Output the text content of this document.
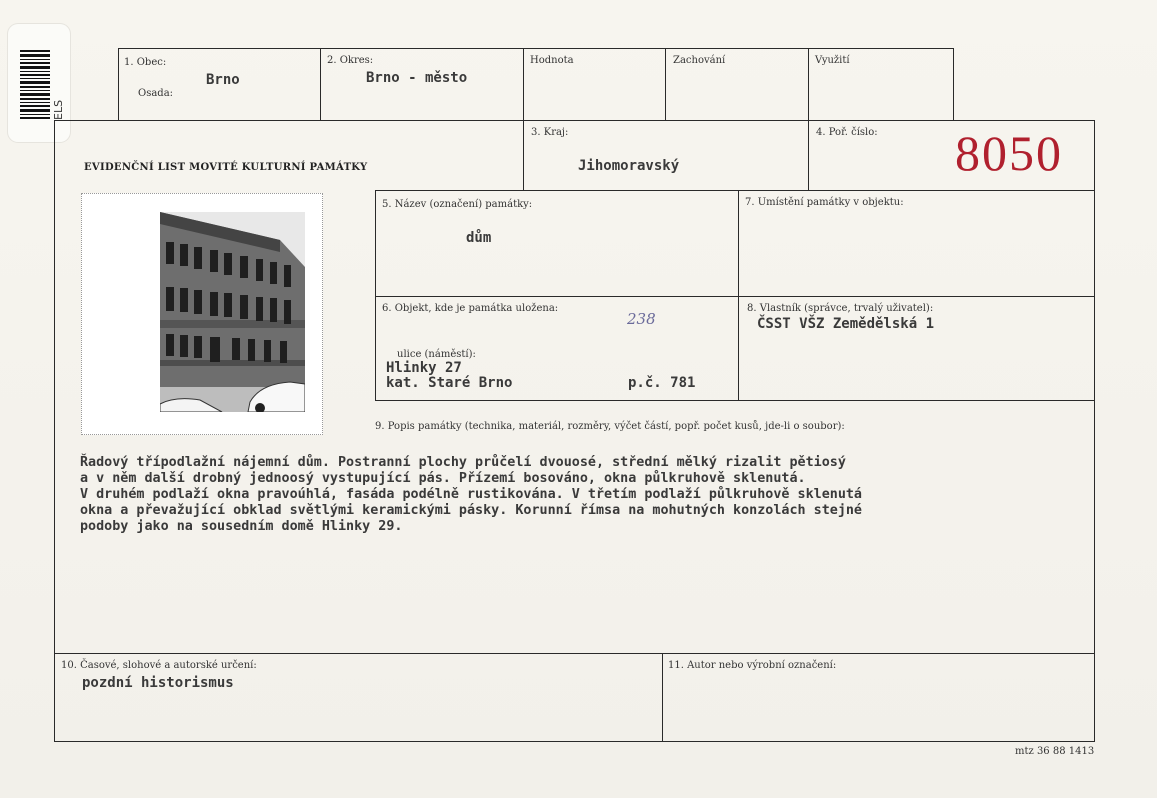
ELS
1. Obec:
Brno
Osada:
2. Okres:
Brno - město
Hodnota	Zachování	Využití
3. Kraj:
Jihomoravský
4. Poř. číslo: 8050
EVIDENČNÍ LIST MOVITÉ KULTURNÍ PAMÁTKY
5. Název (označení) památky:
dům
7. Umístění památky v objektu:
6. Objekt, kde je památka uložena:
238
ulice (náměstí):
Hlinky 27
kat. Staré Brno	p.č. 781
8. Vlastník (správce, trvalý uživatel):
ČSST VŠZ Zemědělská 1
9. Popis památky (technika, materiál, rozměry, výčet částí, popř. počet kusů, jde-li o soubor):
Řadový třípodlažní nájemní dům. Postranní plochy průčelí dvouosé, střední mělký rizalit pětiosý
a v něm další drobný jednoosý vystupující pás. Přízemí bosováno, okna půlkruhově sklenutá.
V druhém podlaží okna pravoúhlá, fasáda podélně rustikována. V třetím podlaží půlkruhově sklenutá
okna a převažující obklad světlými keramickými pásky. Korunní římsa na mohutných konzolách stejné
podoby jako na sousedním domě Hlinky 29.
10. Časové, slohové a autorské určení:
pozdní historismus
11. Autor nebo výrobní označení:
mtz 36 88 1413
